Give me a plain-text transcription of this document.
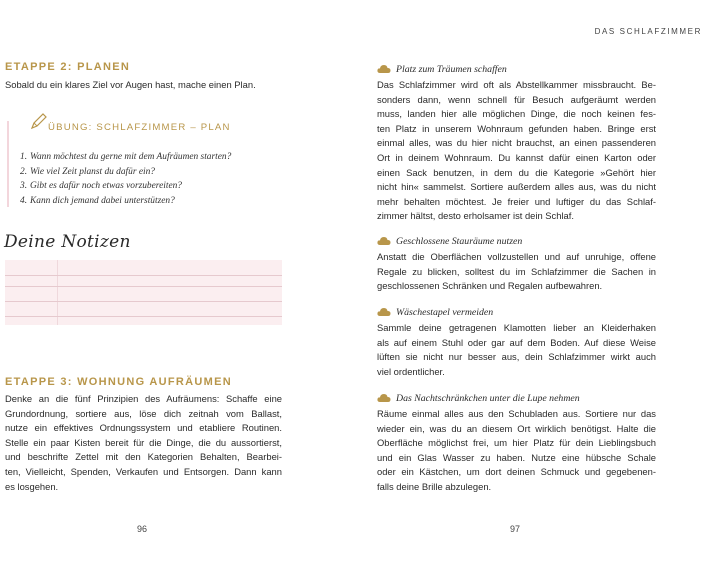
ETAPPE 2: PLANEN
Sobald du ein klares Ziel vor Augen hast, mache einen Plan.
ÜBUNG: SCHLAFZIMMER – PLAN
1. Wann möchtest du gerne mit dem Aufräumen starten?
2. Wie viel Zeit planst du dafür ein?
3. Gibt es dafür noch etwas vorzubereiten?
4. Kann dich jemand dabei unterstützen?
Deine Notizen
ETAPPE 3: WOHNUNG AUFRÄUMEN
Denke an die fünf Prinzipien des Aufräumens: Schaffe eine
Grundordnung, sortiere aus, löse dich zeitnah vom Ballast,
nutze ein effektives Ordnungssystem und etabliere Routinen.
Stelle ein paar Kisten bereit für die Dinge, die du aussortierst,
und beschrifte Zettel mit den Kategorien Behalten, Bearbei-
ten, Vielleicht, Spenden, Verkaufen und Entsorgen. Dann kann
es losgehen.
96
DAS SCHLAFZIMMER
Platz zum Träumen schaffen
Das Schlafzimmer wird oft als Abstellkammer missbraucht. Be-
sonders dann, wenn schnell für Besuch aufgeräumt werden
muss, landen hier alle möglichen Dinge, die noch keinen fes-
ten Platz in unserem Wohnraum gefunden haben. Bringe erst
einmal alles, was du hier nicht brauchst, an einen passenderen
Ort in deinem Wohnraum. Du kannst dafür einen Karton oder
einen Sack benutzen, in dem du die Kategorie »Gehört hier
nicht hin« sammelst. Sortiere außerdem alles aus, was du nicht
mehr behalten möchtest. Je freier und luftiger du das Schlaf-
zimmer hältst, desto erholsamer ist dein Schlaf.
Geschlossene Stauräume nutzen
Anstatt die Oberflächen vollzustellen und auf unruhige, offene
Regale zu blicken, solltest du im Schlafzimmer die Sachen in
geschlossenen Schränken und Regalen aufbewahren.
Wäschestapel vermeiden
Sammle deine getragenen Klamotten lieber an Kleiderhaken
als auf einem Stuhl oder gar auf dem Boden. Auf diese Weise
lüften sie nicht nur besser aus, dein Schlafzimmer wirkt auch
viel ordentlicher.
Das Nachtschränkchen unter die Lupe nehmen
Räume einmal alles aus den Schubladen aus. Sortiere nur das
wieder ein, was du an diesem Ort wirklich benötigst. Halte die
Oberfläche möglichst frei, um hier Platz für dein Lieblingsbuch
und ein Glas Wasser zu haben. Nutze eine hübsche Schale
oder ein Kästchen, um dort deinen Schmuck und gegebenen-
falls deine Brille abzulegen.
97
